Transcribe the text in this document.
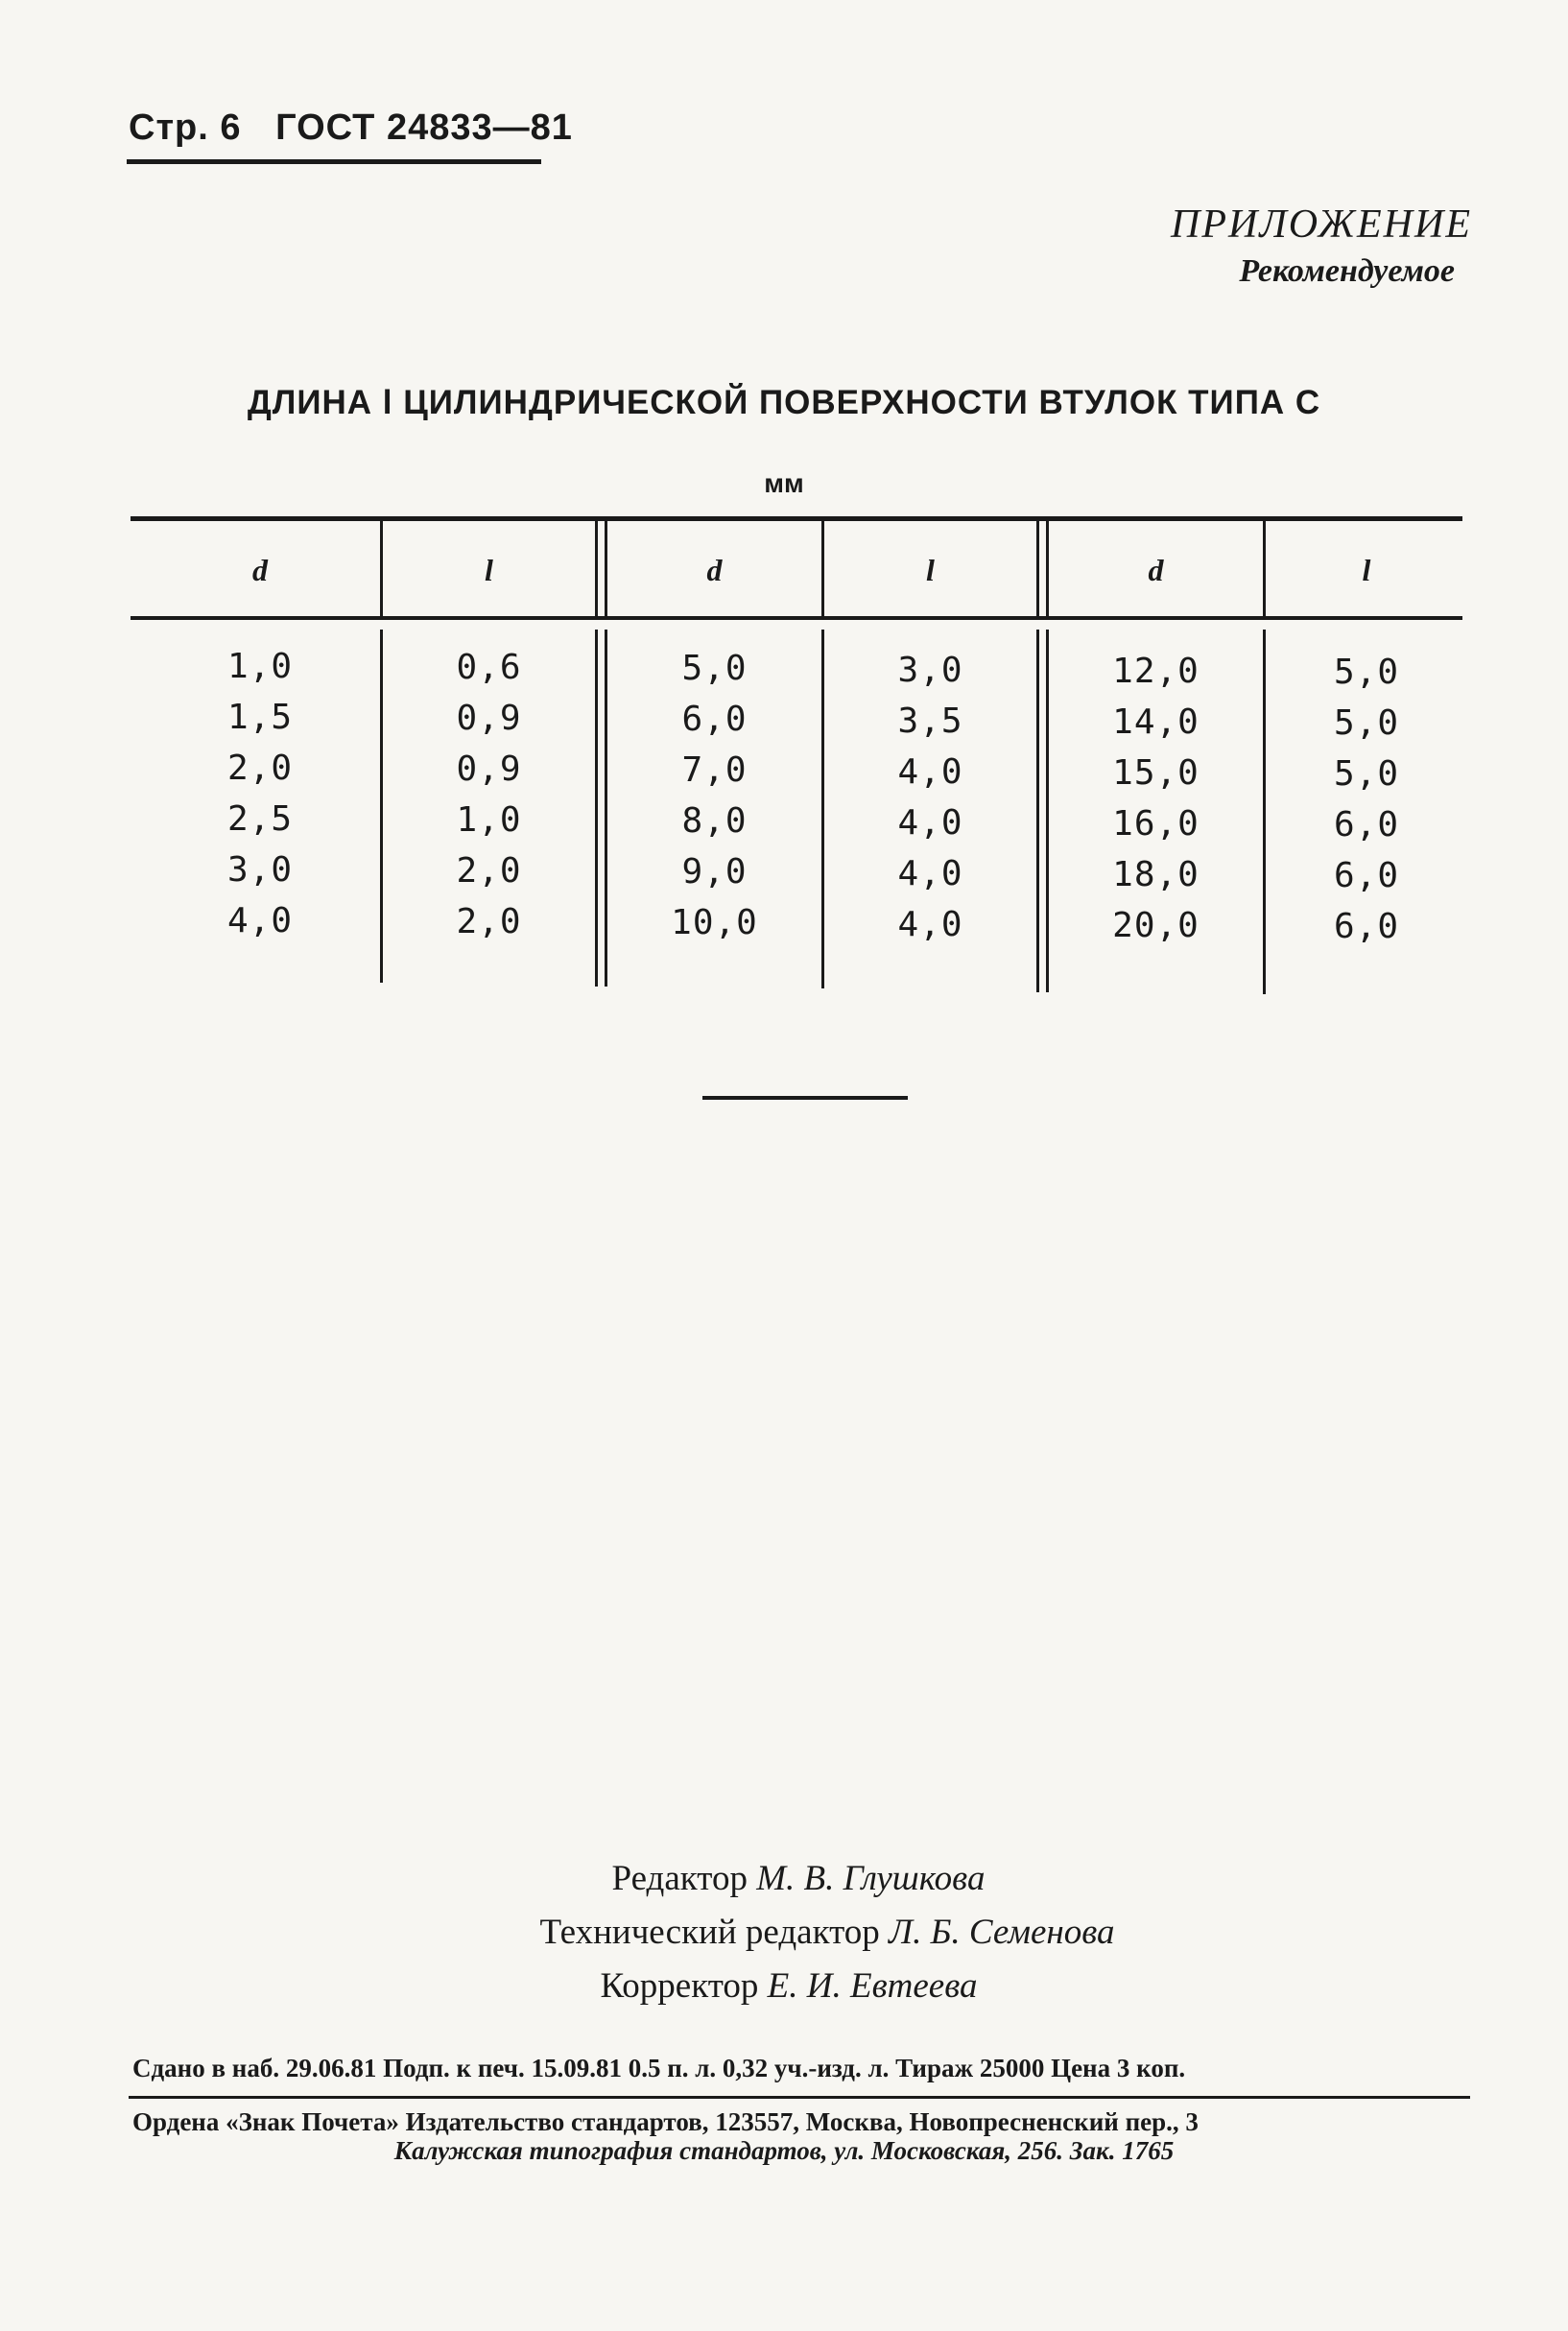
Стр. 6 ГОСТ 24833—81
ПРИЛОЖЕНИЕ
Рекомендуемое
ДЛИНА l ЦИЛИНДРИЧЕСКОЙ ПОВЕРХНОСТИ ВТУЛОК ТИПА С
мм
d	l	d	l	d	l
1,0	0,6	5,0	3,0	12,0	5,0
1,5	0,9	6,0	3,5	14,0	5,0
2,0	0,9	7,0	4,0	15,0	5,0
2,5	1,0	8,0	4,0	16,0	6,0
3,0	2,0	9,0	4,0	18,0	6,0
4,0	2,0	10,0	4,0	20,0	6,0
Редактор М. В. Глушкова
Технический редактор Л. Б. Семенова
Корректор Е. И. Евтеева
Сдано в наб. 29.06.81 Подп. к печ. 15.09.81 0.5 п. л. 0,32 уч.-изд. л. Тираж 25000 Цена 3 коп.
Ордена «Знак Почета» Издательство стандартов, 123557, Москва, Новопресненский пер., 3
Калужская типография стандартов, ул. Московская, 256. Зак. 1765
